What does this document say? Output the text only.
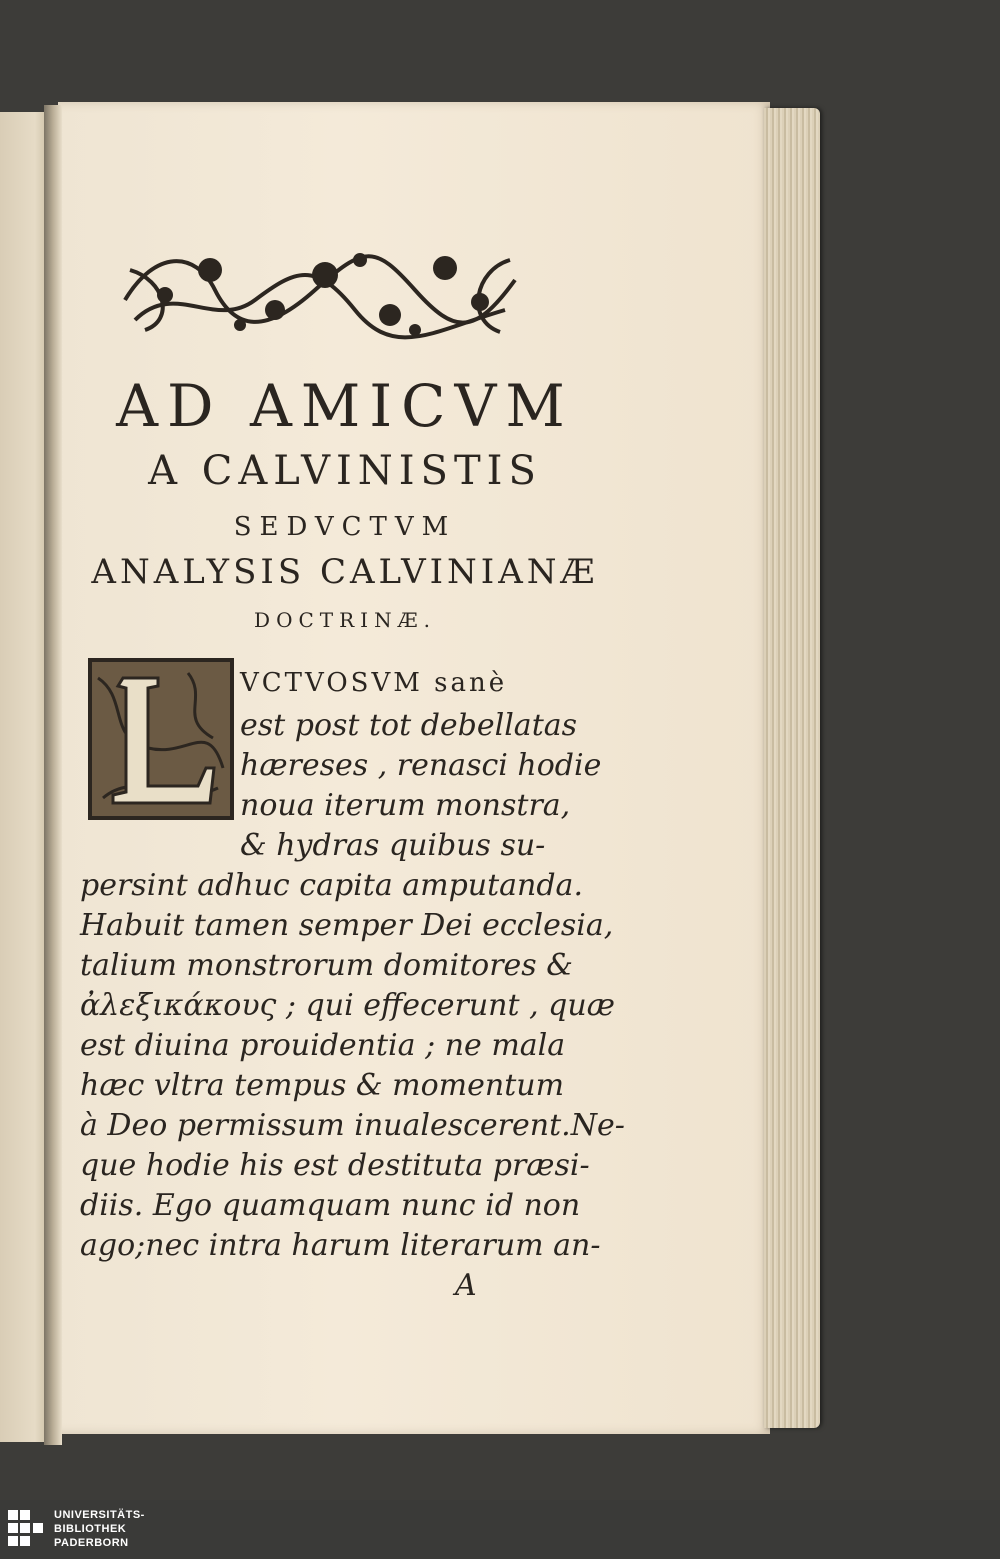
AD AMICVM
A CALVINISTIS
SEDVCTVM
ANALYSIS CALVINIANÆ
DOCTRINÆ.
VCTVOSVM sanè
est post tot debellatas
hæreses , renasci hodie
noua iterum monstra,
& hydras quibus su-
persint adhuc capita amputanda.
Habuit tamen semper Dei ecclesia,
talium monstrorum domitores &
ἀλεξικάκους ; qui effecerunt , quæ
est diuina prouidentia ; ne mala
hæc vltra tempus & momentum
à Deo permissum inualescerent.Ne-
que hodie his est destituta præsi-
diis. Ego quamquam nunc id non
ago;nec intra harum literarum an-
A
UNIVERSITÄTS-
BIBLIOTHEK
PADERBORN
